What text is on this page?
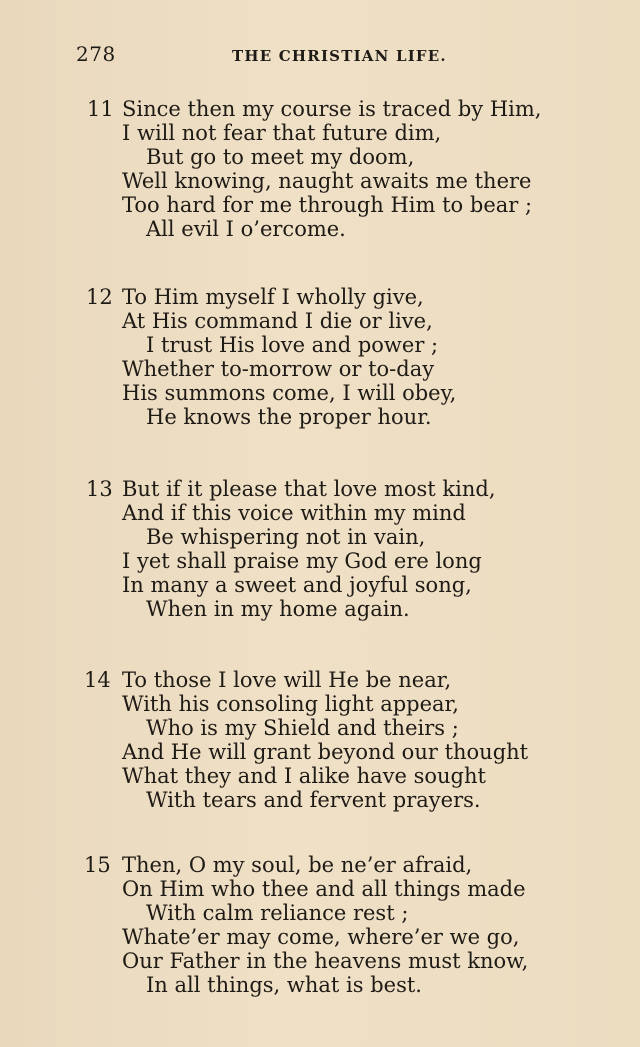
278	THE CHRISTIAN LIFE.
11 Since then my course is traced by Him,
I will not fear that future dim,
But go to meet my doom,
Well knowing, naught awaits me there
Too hard for me through Him to bear ;
All evil I o’ercome.
12 To Him myself I wholly give,
At His command I die or live,
I trust His love and power ;
Whether to-morrow or to-day
His summons come, I will obey,
He knows the proper hour.
13 But if it please that love most kind,
And if this voice within my mind
Be whispering not in vain,
I yet shall praise my God ere long
In many a sweet and joyful song,
When in my home again.
14 To those I love will He be near,
With his consoling light appear,
Who is my Shield and theirs ;
And He will grant beyond our thought
What they and I alike have sought
With tears and fervent prayers.
15 Then, O my soul, be ne’er afraid,
On Him who thee and all things made
With calm reliance rest ;
Whate’er may come, where’er we go,
Our Father in the heavens must know,
In all things, what is best.
